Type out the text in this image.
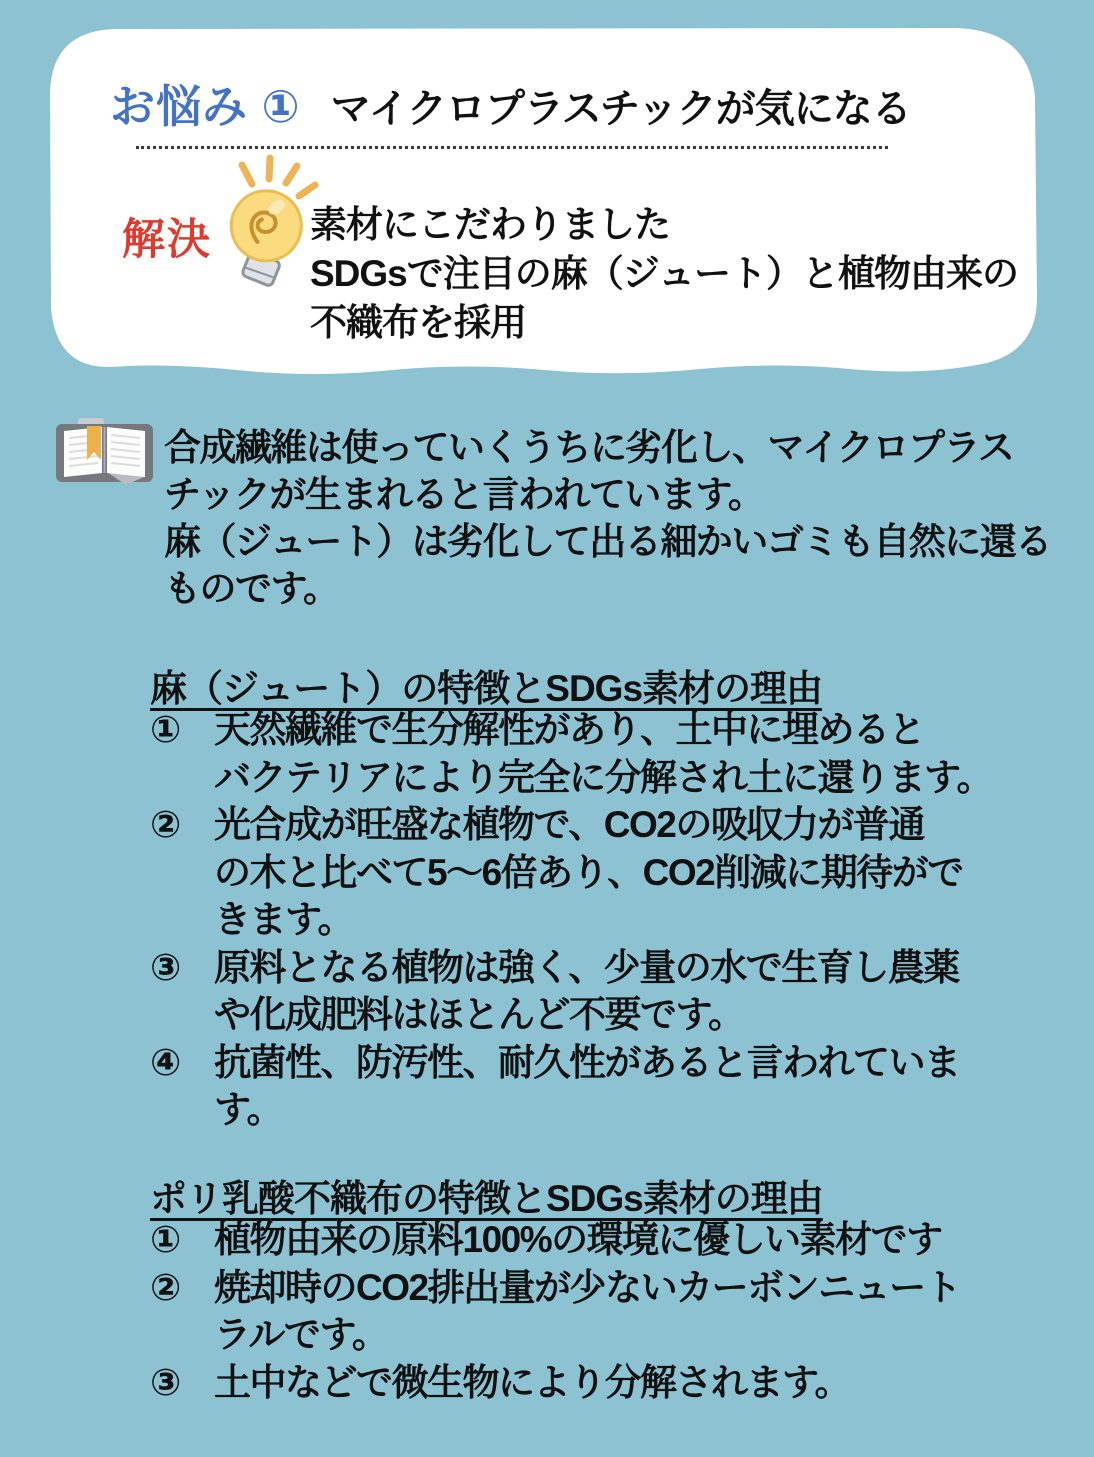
お悩み ① マイクロプラスチックが気になる
解決	素材にこだわりました
SDGsで注目の麻（ジュート）と植物由来の
不織布を採用
合成繊維は使っていくうちに劣化し、マイクロプラス
チックが生まれると言われています。
麻（ジュート）は劣化して出る細かいゴミも自然に還る
ものです。
麻（ジュート）の特徴とSDGs素材の理由
① 天然繊維で生分解性があり、土中に埋めると
バクテリアにより完全に分解され土に還ります。
② 光合成が旺盛な植物で、CO2の吸収力が普通
の木と比べて5～6倍あり、CO2削減に期待がで
きます。
③ 原料となる植物は強く、少量の水で生育し農薬
や化成肥料はほとんど不要です。
④ 抗菌性、防汚性、耐久性があると言われていま
す。
ポリ乳酸不織布の特徴とSDGs素材の理由
① 植物由来の原料100%の環境に優しい素材です
② 焼却時のCO2排出量が少ないカーボンニュート
ラルです。
③ 土中などで微生物により分解されます。
